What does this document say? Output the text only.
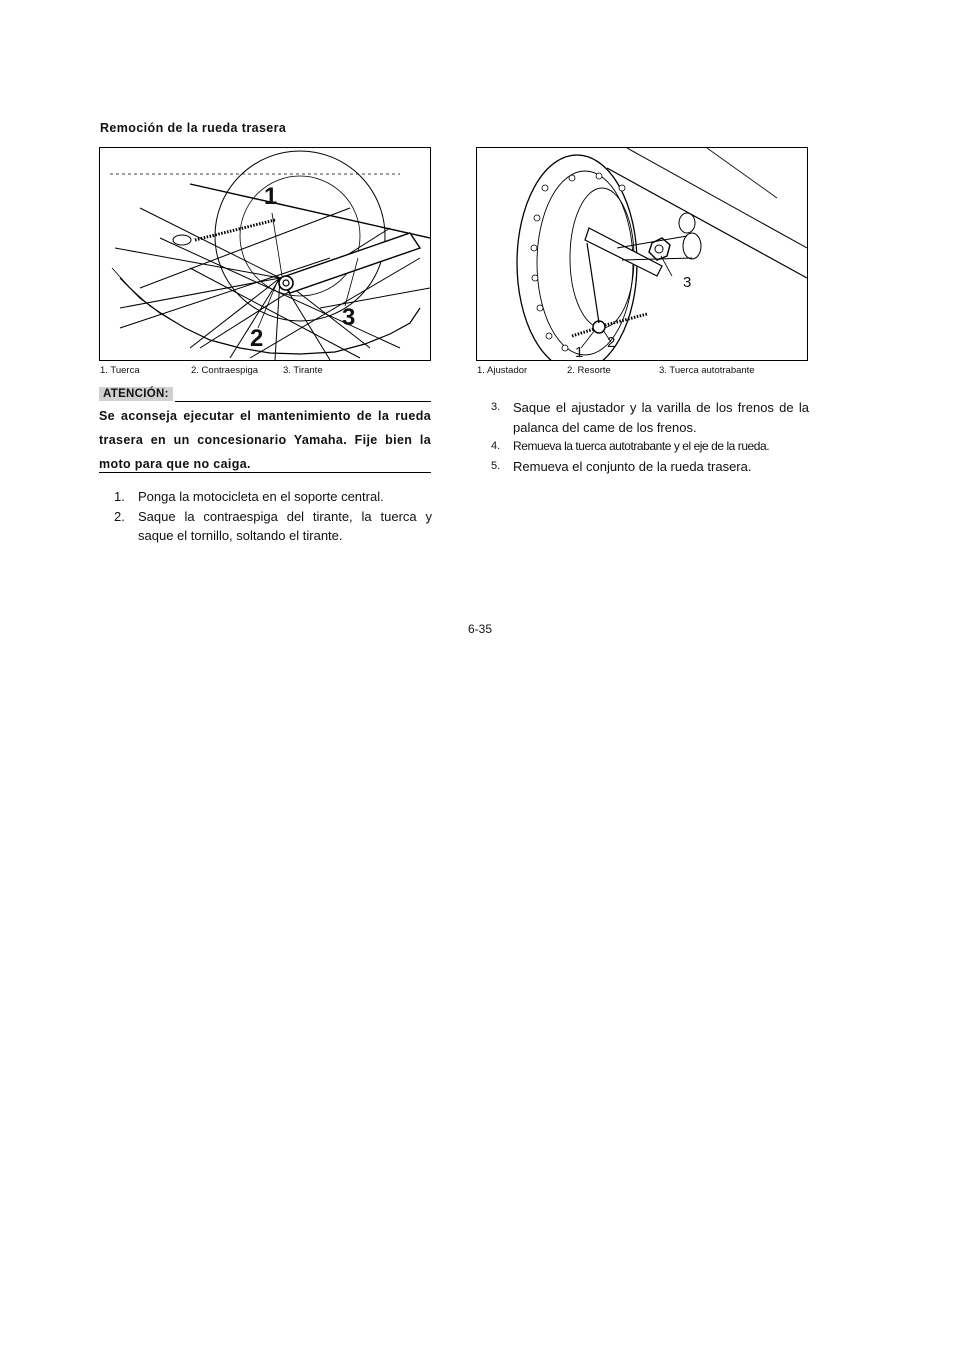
Remoción de la rueda trasera
1
2
3
1
2
3
1. Tuerca	2. Contraespiga	3. Tirante	1. Ajustador	2. Resorte	3. Tuerca autotrabante
ATENCIÓN:
Se aconseja ejecutar el mantenimiento de la rueda trasera en un concesionario Yamaha. Fije bien la moto para que no caiga.
1. Ponga la motocicleta en el soporte central.
2. Saque la contraespiga del tirante, la tuerca y saque el tornillo, soltando el tirante.
3. Saque el ajustador y la varilla de los frenos de la palanca del came de los frenos.
4. Remueva la tuerca autotrabante y el eje de la rueda.
5. Remueva el conjunto de la rueda trasera.
6-35
